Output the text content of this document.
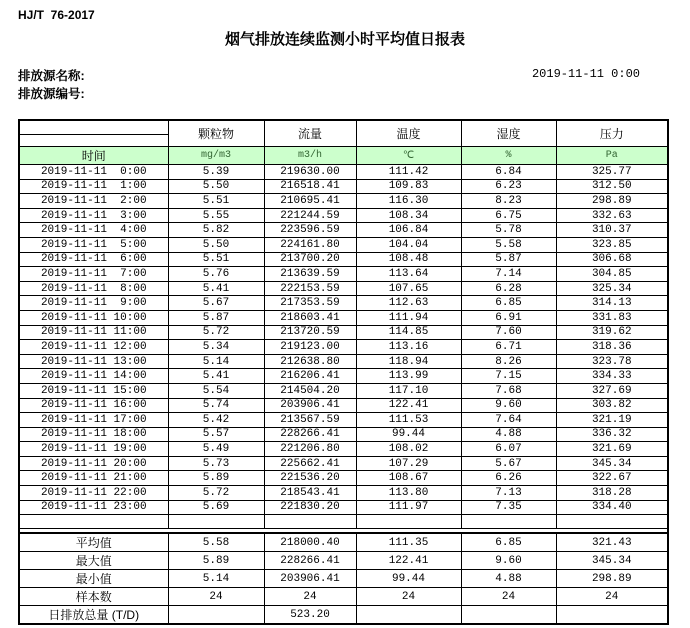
HJ/T  76-2017
烟气排放连续监测小时平均值日报表
排放源名称:	2019-11-11 0:00
排放源编号:
	颗粒物	流量	温度	湿度	压力

时间	mg/m3	m3/h	℃	%	Pa
2019-11-11  0:00	5.39	219630.00	111.42	6.84	325.77
2019-11-11  1:00	5.50	216518.41	109.83	6.23	312.50
2019-11-11  2:00	5.51	210695.41	116.30	8.23	298.89
2019-11-11  3:00	5.55	221244.59	108.34	6.75	332.63
2019-11-11  4:00	5.82	223596.59	106.84	5.78	310.37
2019-11-11  5:00	5.50	224161.80	104.04	5.58	323.85
2019-11-11  6:00	5.51	213700.20	108.48	5.87	306.68
2019-11-11  7:00	5.76	213639.59	113.64	7.14	304.85
2019-11-11  8:00	5.41	222153.59	107.65	6.28	325.34
2019-11-11  9:00	5.67	217353.59	112.63	6.85	314.13
2019-11-11 10:00	5.87	218603.41	111.94	6.91	331.83
2019-11-11 11:00	5.72	213720.59	114.85	7.60	319.62
2019-11-11 12:00	5.34	219123.00	113.16	6.71	318.36
2019-11-11 13:00	5.14	212638.80	118.94	8.26	323.78
2019-11-11 14:00	5.41	216206.41	113.99	7.15	334.33
2019-11-11 15:00	5.54	214504.20	117.10	7.68	327.69
2019-11-11 16:00	5.74	203906.41	122.41	9.60	303.82
2019-11-11 17:00	5.42	213567.59	111.53	7.64	321.19
2019-11-11 18:00	5.57	228266.41	99.44	4.88	336.32
2019-11-11 19:00	5.49	221206.80	108.02	6.07	321.69
2019-11-11 20:00	5.73	225662.41	107.29	5.67	345.34
2019-11-11 21:00	5.89	221536.20	108.67	6.26	322.67
2019-11-11 22:00	5.72	218543.41	113.80	7.13	318.28
2019-11-11 23:00	5.69	221830.20	111.97	7.35	334.40

平均值	5.58	218000.40	111.35	6.85	321.43
最大值	5.89	228266.41	122.41	9.60	345.34
最小值	5.14	203906.41	99.44	4.88	298.89
样本数	24	24	24	24	24
日排放总量 (T/D)		523.20			
